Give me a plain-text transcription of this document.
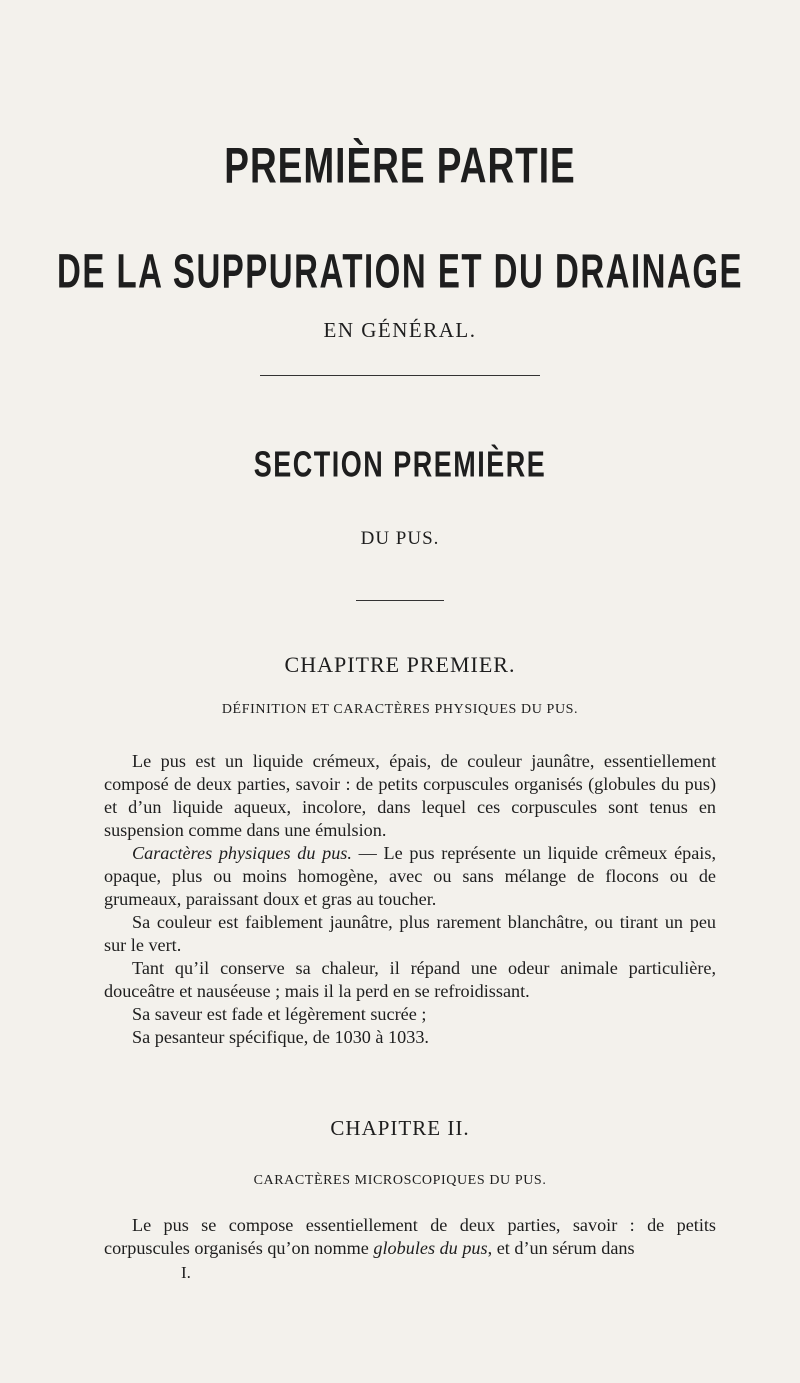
PREMIÈRE PARTIE
DE LA SUPPURATION ET DU DRAINAGE
EN GÉNÉRAL.
SECTION PREMIÈRE
DU PUS.
CHAPITRE PREMIER.
DÉFINITION ET CARACTÈRES PHYSIQUES DU PUS.

Le pus est un liquide crémeux, épais, de couleur jaunâtre, essentiellement composé de deux parties, savoir : de petits corpuscules organisés (globules du pus) et d’un liquide aqueux, incolore, dans lequel ces corpuscules sont tenus en suspension comme dans une émulsion.

Caractères physiques du pus. — Le pus représente un liquide crêmeux épais, opaque, plus ou moins homogène, avec ou sans mélange de flocons ou de grumeaux, paraissant doux et gras au toucher.

Sa couleur est faiblement jaunâtre, plus rarement blanchâtre, ou tirant un peu sur le vert.

Tant qu’il conserve sa chaleur, il répand une odeur animale particulière, douceâtre et nauséeuse ; mais il la perd en se refroidissant.

Sa saveur est fade et légèrement sucrée ;

Sa pesanteur spécifique, de 1030 à 1033.

CHAPITRE II.
CARACTÈRES MICROSCOPIQUES DU PUS.

Le pus se compose essentiellement de deux parties, savoir : de petits corpuscules organisés qu’on nomme globules du pus, et d’un sérum dans

I.
